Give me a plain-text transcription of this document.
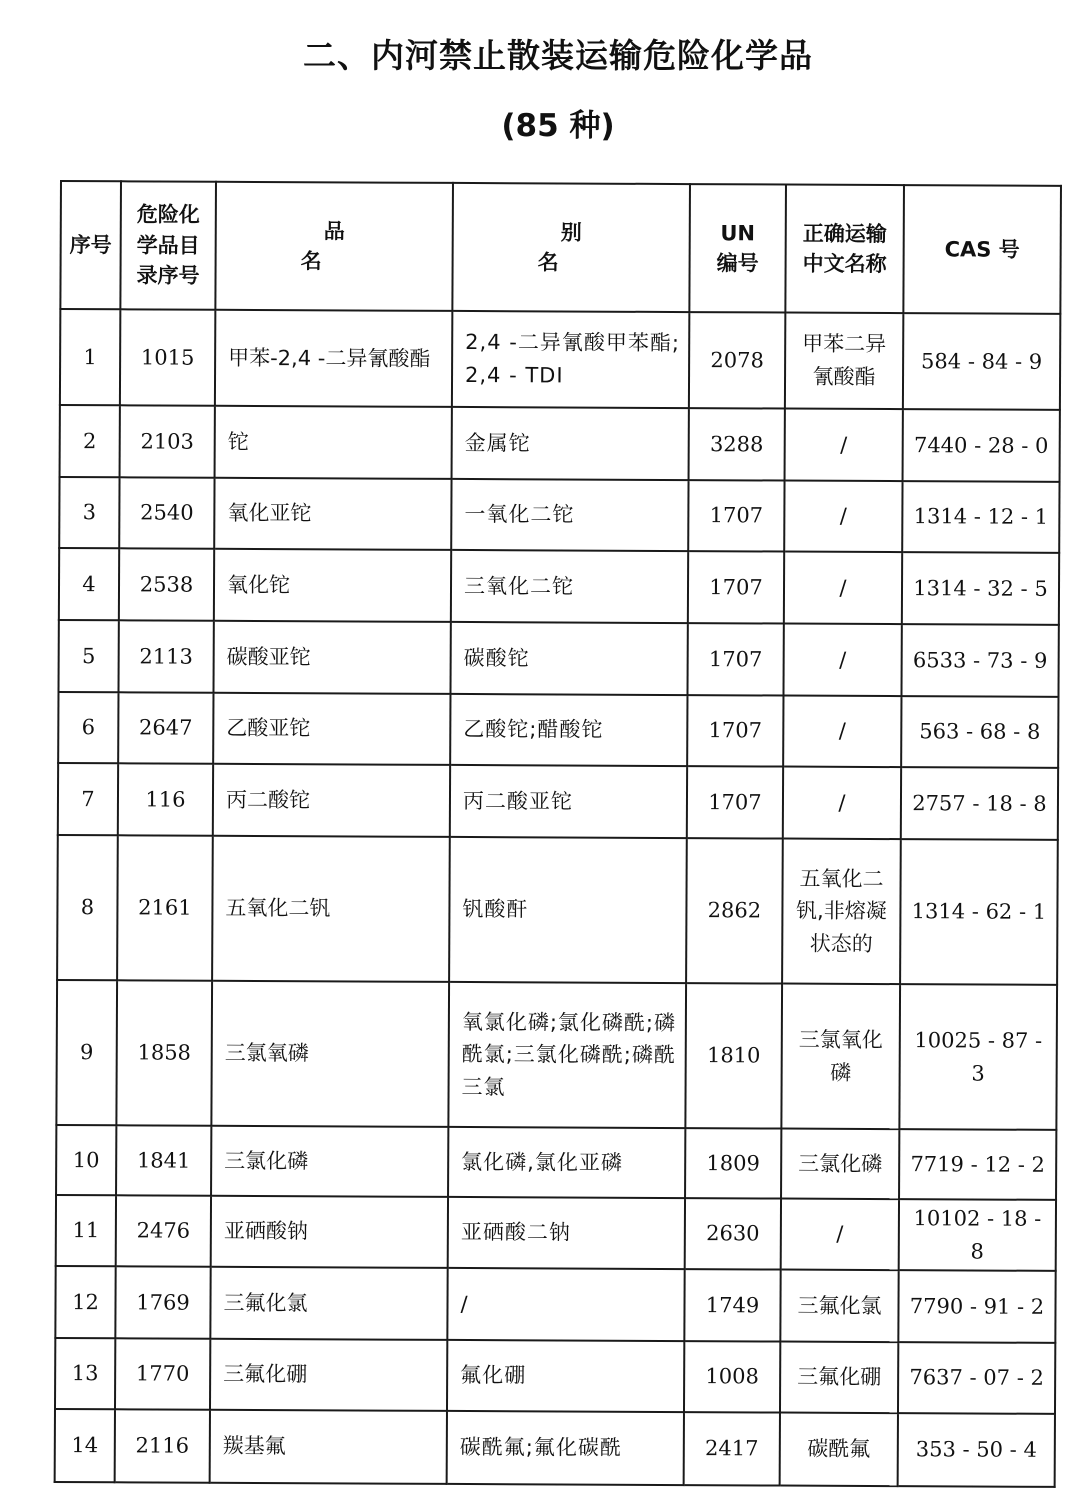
二、内河禁止散装运输危险化学品
(85 种)
序号	危险化学品目录序号	品 名	别 名	UN编号	正确运输中文名称	CAS 号
1	1015	甲苯-2,4 -二异氰酸酯	2,4 -二异氰酸甲苯酯;2,4 - TDI	2078	甲苯二异氰酸酯	584 - 84 - 9
2	2103	铊	金属铊	3288	/	7440 - 28 - 0
3	2540	氧化亚铊	一氧化二铊	1707	/	1314 - 12 - 1
4	2538	氧化铊	三氧化二铊	1707	/	1314 - 32 - 5
5	2113	碳酸亚铊	碳酸铊	1707	/	6533 - 73 - 9
6	2647	乙酸亚铊	乙酸铊;醋酸铊	1707	/	563 - 68 - 8
7	116	丙二酸铊	丙二酸亚铊	1707	/	2757 - 18 - 8
8	2161	五氧化二钒	钒酸酐	2862	五氧化二钒,非熔凝状态的	1314 - 62 - 1
9	1858	三氯氧磷	氧氯化磷;氯化磷酰;磷酰氯;三氯化磷酰;磷酰三氯	1810	三氯氧化磷	10025 - 87 - 3
10	1841	三氯化磷	氯化磷,氯化亚磷	1809	三氯化磷	7719 - 12 - 2
11	2476	亚硒酸钠	亚硒酸二钠	2630	/	10102 - 18 - 8
12	1769	三氟化氯	/	1749	三氟化氯	7790 - 91 - 2
13	1770	三氟化硼	氟化硼	1008	三氟化硼	7637 - 07 - 2
14	2116	羰基氟	碳酰氟;氟化碳酰	2417	碳酰氟	353 - 50 - 4
